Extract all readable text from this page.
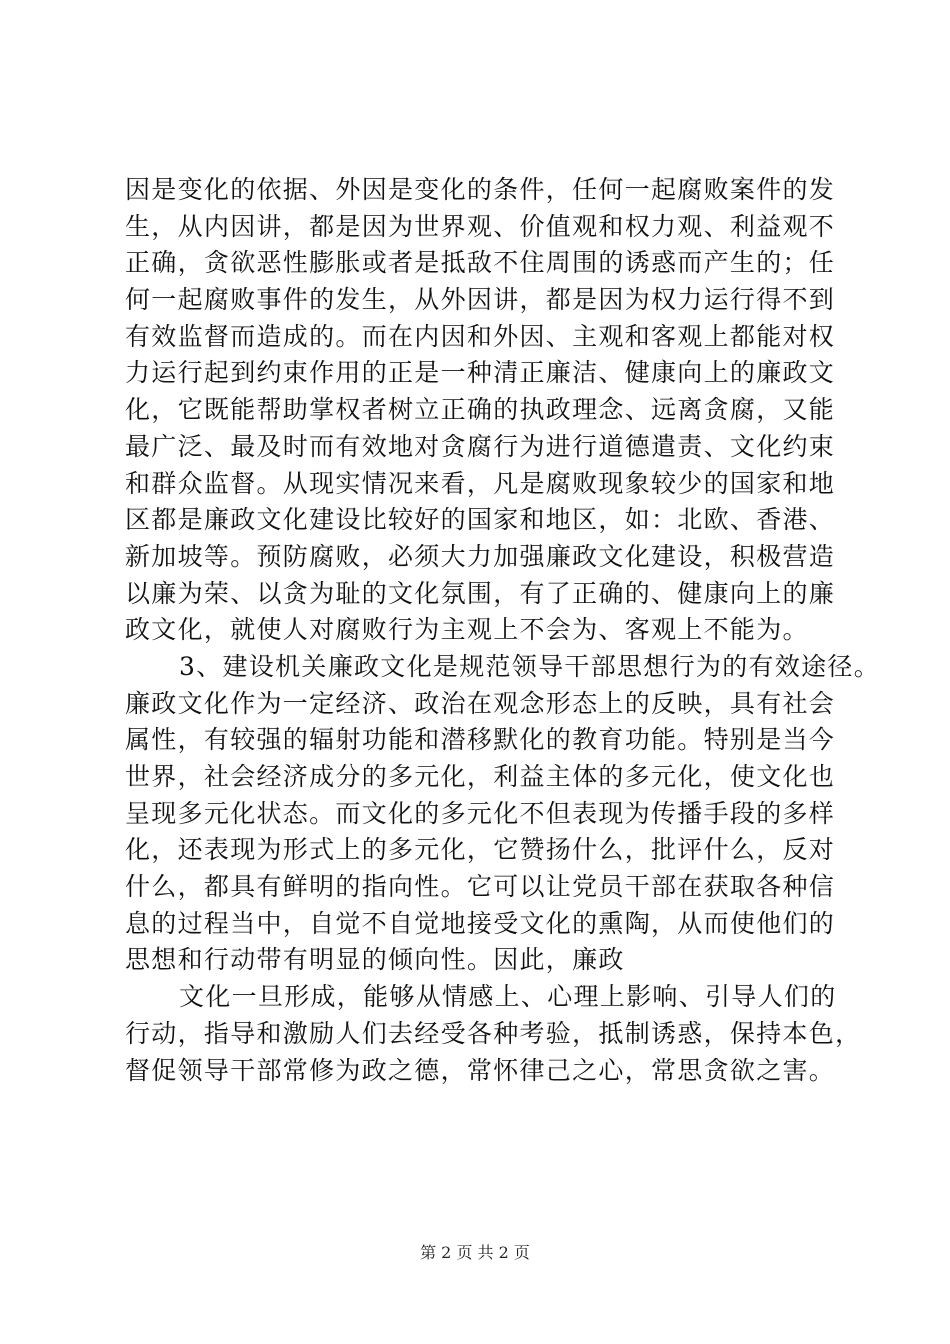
因是变化的依据、外因是变化的条件，任何一起腐败案件的发
生，从内因讲，都是因为世界观、价值观和权力观、利益观不
正确，贪欲恶性膨胀或者是抵敌不住周围的诱惑而产生的；任
何一起腐败事件的发生，从外因讲，都是因为权力运行得不到
有效监督而造成的。而在内因和外因、主观和客观上都能对权
力运行起到约束作用的正是一种清正廉洁、健康向上的廉政文
化，它既能帮助掌权者树立正确的执政理念、远离贪腐，又能
最广泛、最及时而有效地对贪腐行为进行道德遣责、文化约束
和群众监督。从现实情况来看，凡是腐败现象较少的国家和地
区都是廉政文化建设比较好的国家和地区，如：北欧、香港、
新加坡等。预防腐败，必须大力加强廉政文化建设，积极营造
以廉为荣、以贪为耻的文化氛围，有了正确的、健康向上的廉
政文化，就使人对腐败行为主观上不会为、客观上不能为。
3、建设机关廉政文化是规范领导干部思想行为的有效途径。
廉政文化作为一定经济、政治在观念形态上的反映，具有社会
属性，有较强的辐射功能和潜移默化的教育功能。特别是当今
世界，社会经济成分的多元化，利益主体的多元化，使文化也
呈现多元化状态。而文化的多元化不但表现为传播手段的多样
化，还表现为形式上的多元化，它赞扬什么，批评什么，反对
什么，都具有鲜明的指向性。它可以让党员干部在获取各种信
息的过程当中，自觉不自觉地接受文化的熏陶，从而使他们的
思想和行动带有明显的倾向性。因此，廉政
文化一旦形成，能够从情感上、心理上影响、引导人们的
行动，指导和激励人们去经受各种考验，抵制诱惑，保持本色，
督促领导干部常修为政之德，常怀律己之心，常思贪欲之害。
第 2 页 共 2 页
